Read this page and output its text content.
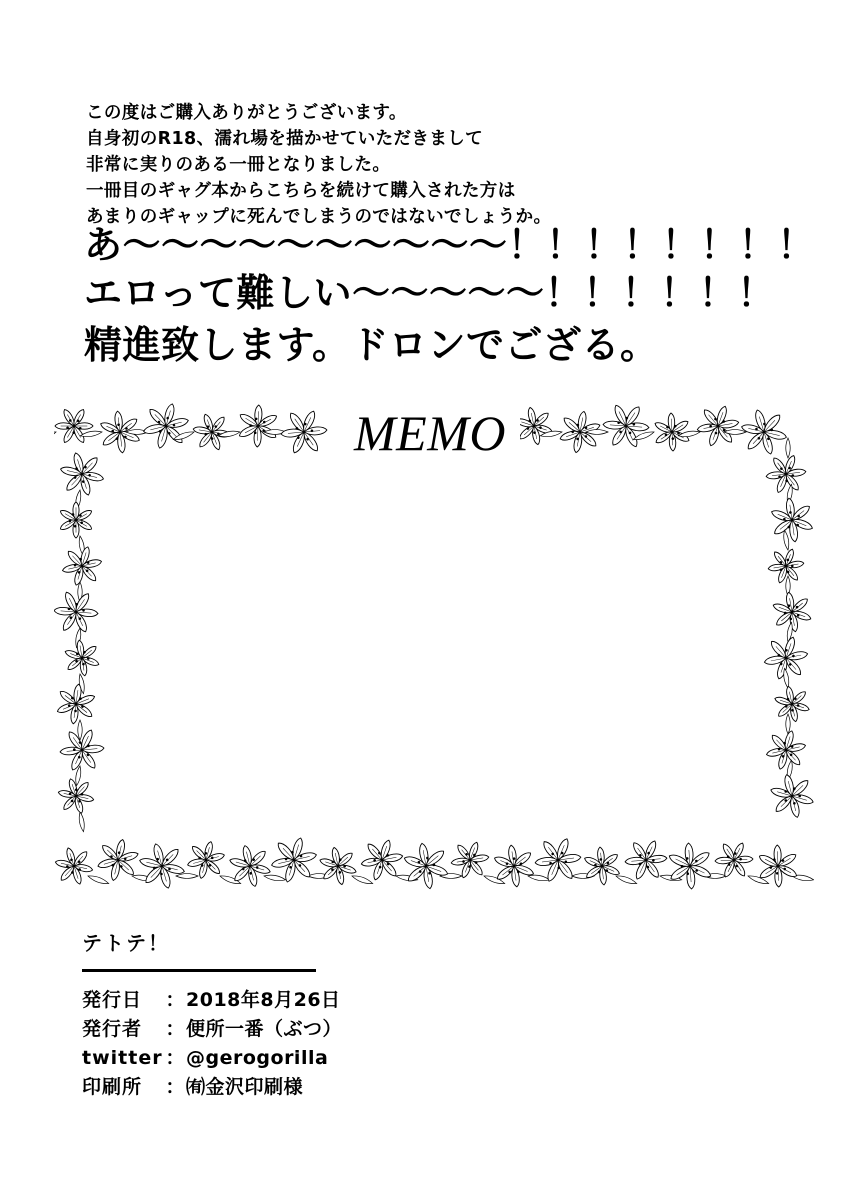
この度はご購入ありがとうございます。
自身初のR18、濡れ場を描かせていただきまして
非常に実りのある一冊となりました。
一冊目のギャグ本からこちらを続けて購入された方は
あまりのギャップに死んでしまうのではないでしょうか。
あ〜〜〜〜〜〜〜〜〜〜！！！！！！！！
エロって難しい〜〜〜〜〜！！！！！！
精進致します。ドロンでござる。
MEMO
テトテ！
発行日	： 2018年8月26日
発行者	： 便所一番（ぶつ）
twitter ： @gerogorilla
印刷所	： ㈲金沢印刷様
